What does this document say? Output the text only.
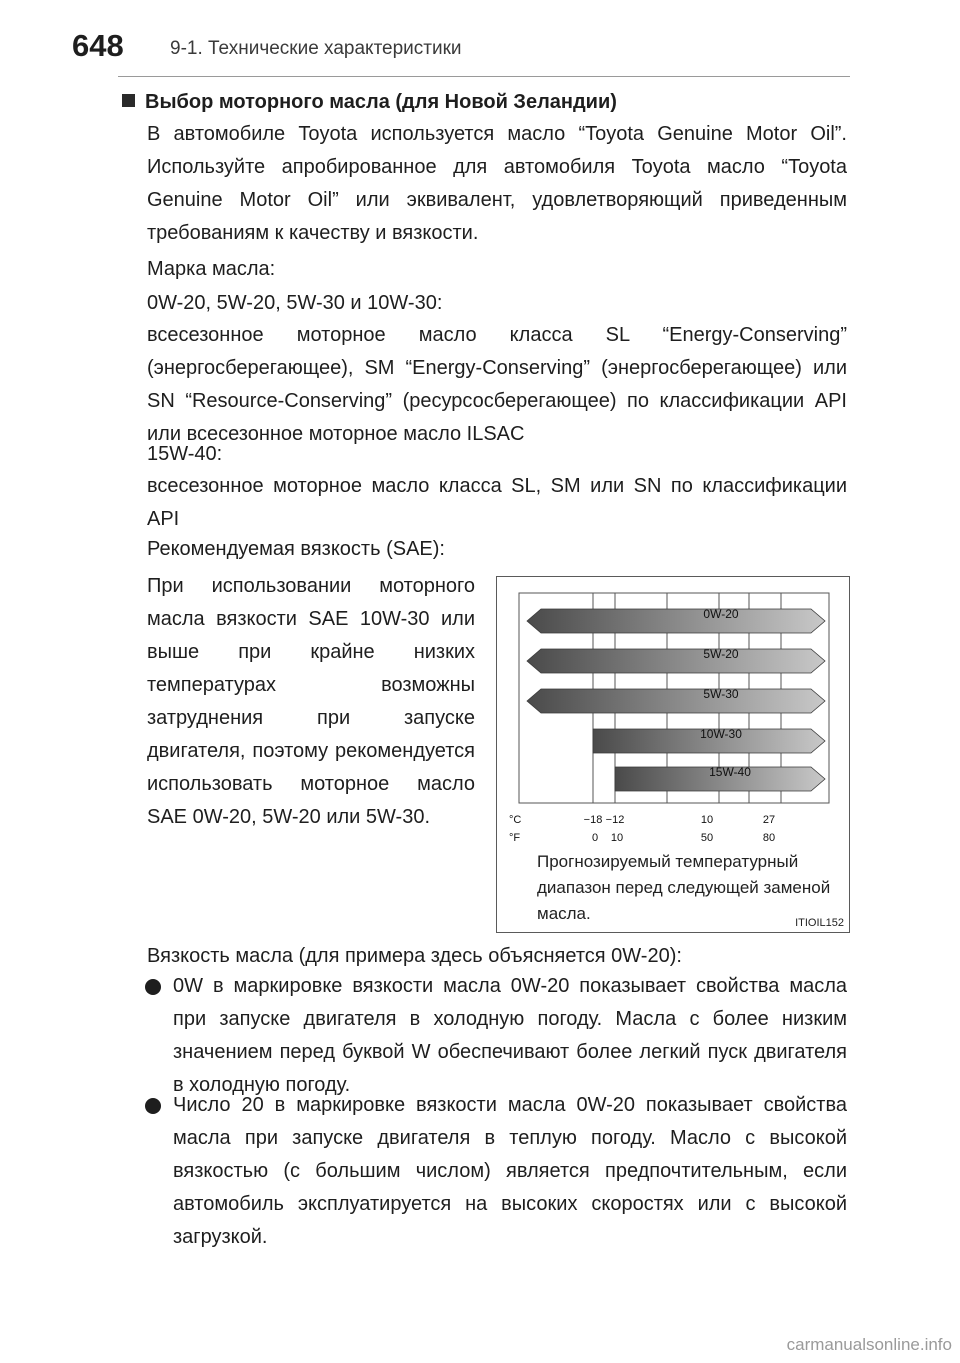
648 9-1. Технические характеристики
Выбор моторного масла (для Новой Зеландии)
В автомобиле Toyota используется масло “Toyota Genuine Motor Oil”. Используйте апробированное для автомобиля Toyota масло “Toyota Genuine Motor Oil” или эквивалент, удовлетворяющий приведенным требованиям к качеству и вязкости.
Марка масла:
0W-20, 5W-20, 5W-30 и 10W-30:
всесезонное моторное масло класса SL “Energy-Conserving” (энергосберегающее), SM “Energy-Conserving” (энергосберегающее) или SN “Resource-Conserving” (ресурсосберегающее) по классификации API или всесезонное моторное масло ILSAC
15W-40:
всесезонное моторное масло класса SL, SM или SN по классификации API
Рекомендуемая вязкость (SAE):
При использовании моторного масла вязкости SAE 10W-30 или выше при крайне низких температурах возможны затруднения при запуске двигателя, поэтому рекомендуется использовать моторное масло SAE 0W-20, 5W-20 или 5W-30.
0W-20
5W-20
5W-30
10W-30
15W-40
°C
°F
−18 −12	10	27
0 10	50	80
Прогнозируемый температурный диапазон перед следующей заменой масла.	ITIOIL152
Вязкость масла (для примера здесь объясняется 0W-20):
0W в маркировке вязкости масла 0W-20 показывает свойства масла при запуске двигателя в холодную погоду. Масла с более низким значением перед буквой W обеспечивают более легкий пуск двигателя в холодную погоду.
Число 20 в маркировке вязкости масла 0W-20 показывает свойства масла при запуске двигателя в теплую погоду. Масло с высокой вязкостью (с большим числом) является предпочтительным, если автомобиль эксплуатируется на высоких скоростях или с высокой загрузкой.
carmanualsonline.info
